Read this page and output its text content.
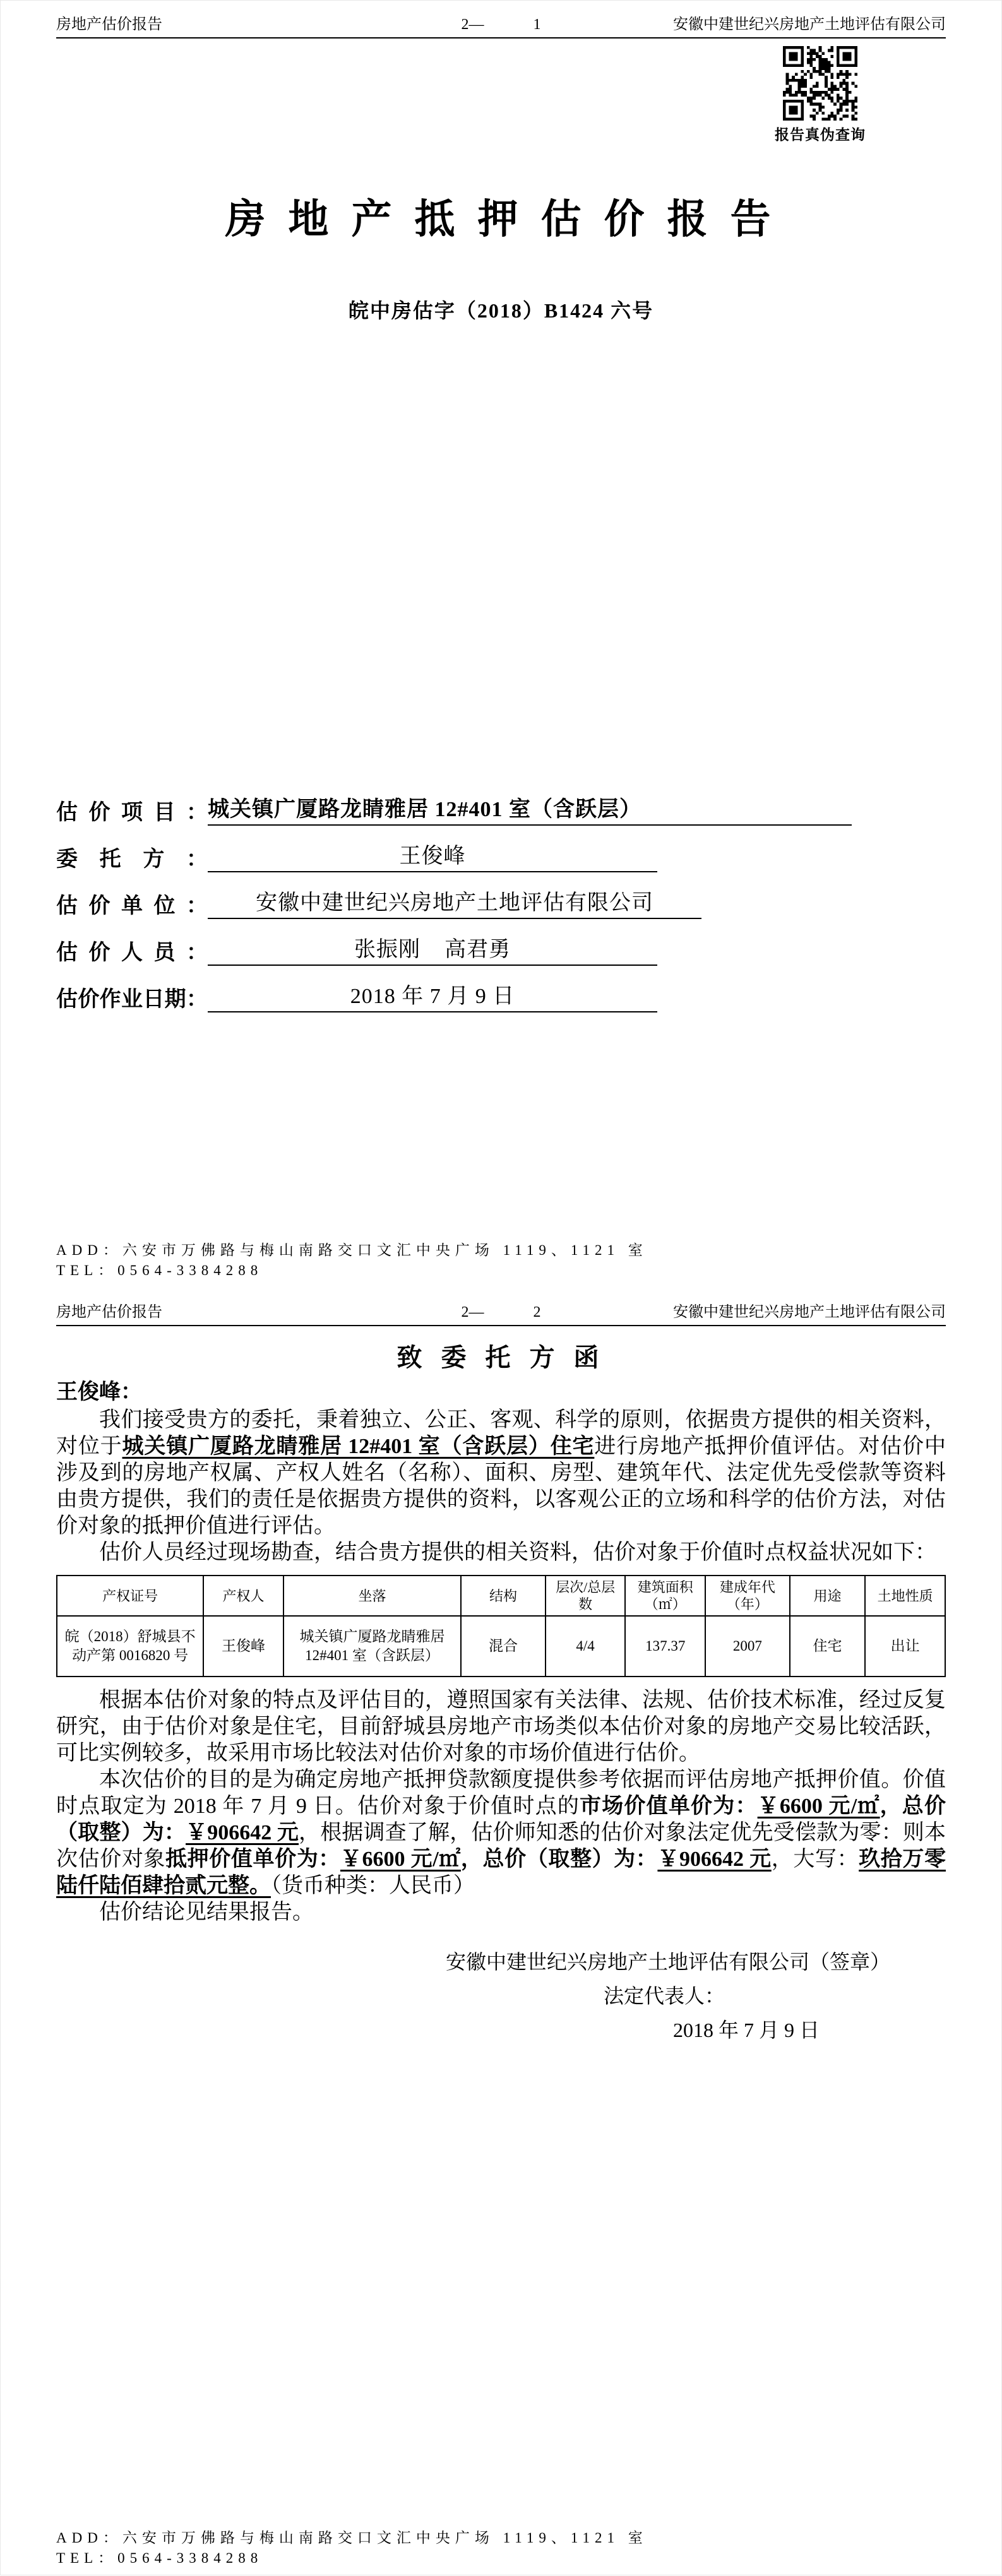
房地产估价报告	2—	1	安徽中建世纪兴房地产土地评估有限公司
报告真伪查询
房 地 产 抵 押 估 价 报 告
皖中房估字（2018）B1424 六号
估价项目： 城关镇广厦路龙睛雅居 12#401 室（含跃层）
委托方：	王俊峰
估价单位：	安徽中建世纪兴房地产土地评估有限公司
估价人员：	张振刚    高君勇
估价作业日期：	2018 年 7 月 9 日
ADD：六安市万佛路与梅山南路交口文汇中央广场 1119、1121 室
TEL：0564-3384288
房地产估价报告	2—	2	安徽中建世纪兴房地产土地评估有限公司
致 委 托 方 函
王俊峰：

我们接受贵方的委托，秉着独立、公正、客观、科学的原则，依据贵方提供的相关资料，对位于城关镇广厦路龙睛雅居 12#401 室（含跃层）住宅进行房地产抵押价值评估。对估价中涉及到的房地产权属、产权人姓名（名称）、面积、房型、建筑年代、法定优先受偿款等资料由贵方提供，我们的责任是依据贵方提供的资料，以客观公正的立场和科学的估价方法，对估价对象的抵押价值进行评估。

估价人员经过现场勘查，结合贵方提供的相关资料，估价对象于价值时点权益状况如下：

产权证号	产权人	坐落	结构	层次/总层数	建筑面积（㎡）	建成年代（年）	用途	土地性质
皖（2018）舒城县不动产第 0016820 号	王俊峰	城关镇广厦路龙睛雅居 12#401 室（含跃层）	混合	4/4	137.37	2007	住宅	出让

根据本估价对象的特点及评估目的，遵照国家有关法律、法规、估价技术标准，经过反复研究，由于估价对象是住宅，目前舒城县房地产市场类似本估价对象的房地产交易比较活跃，可比实例较多，故采用市场比较法对估价对象的市场价值进行估价。

本次估价的目的是为确定房地产抵押贷款额度提供参考依据而评估房地产抵押价值。价值时点取定为 2018 年 7 月 9 日。估价对象于价值时点的市场价值单价为：￥6600 元/㎡，总价（取整）为：￥906642 元，根据调查了解，估价师知悉的估价对象法定优先受偿款为零：则本次估价对象抵押价值单价为：￥6600 元/㎡，总价（取整）为：￥906642 元，大写：玖拾万零陆仟陆佰肆拾贰元整。（货币种类：人民币）

估价结论见结果报告。

安徽中建世纪兴房地产土地评估有限公司（签章）
法定代表人：
2018 年 7 月 9 日
ADD：六安市万佛路与梅山南路交口文汇中央广场 1119、1121 室
TEL：0564-3384288
